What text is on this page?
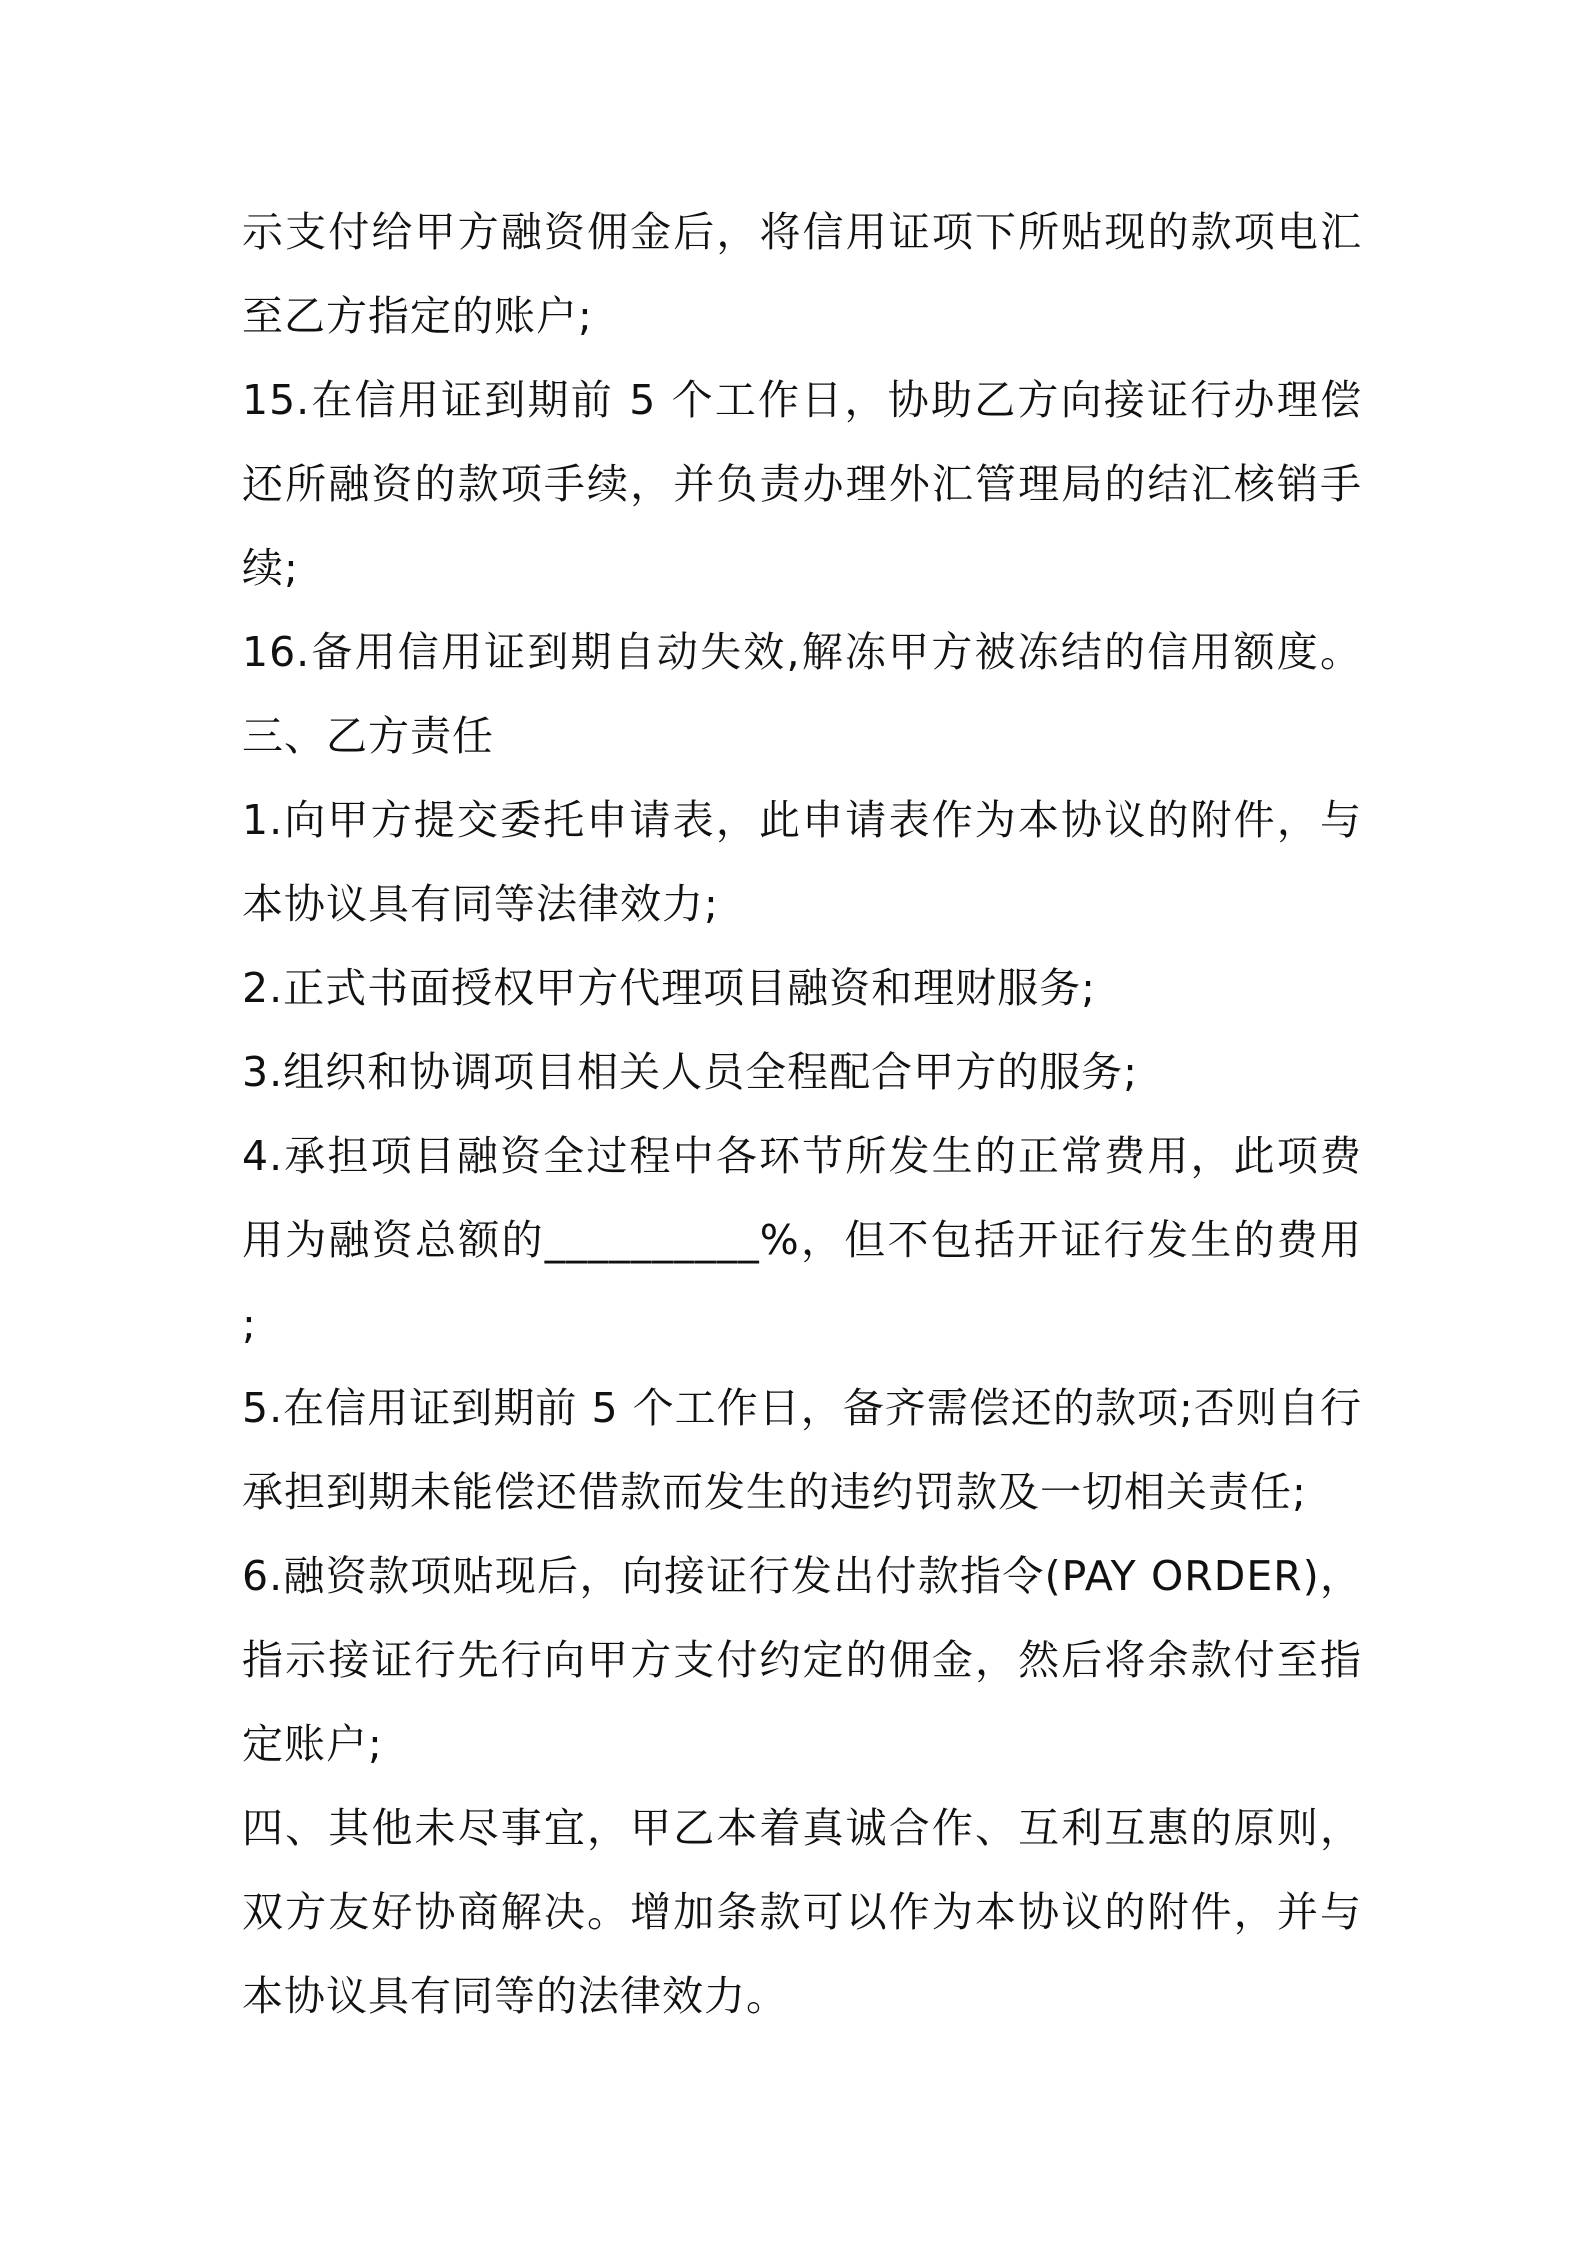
示支付给甲方融资佣金后，将信用证项下所贴现的款项电汇
至乙方指定的账户;
15.在信用证到期前 5 个工作日，协助乙方向接证行办理偿
还所融资的款项手续，并负责办理外汇管理局的结汇核销手
续;
16.备用信用证到期自动失效,解冻甲方被冻结的信用额度。
三、乙方责任
1.向甲方提交委托申请表，此申请表作为本协议的附件，与
本协议具有同等法律效力;
2.正式书面授权甲方代理项目融资和理财服务;
3.组织和协调项目相关人员全程配合甲方的服务;
4.承担项目融资全过程中各环节所发生的正常费用，此项费
用为融资总额的__________%，但不包括开证行发生的费用
;
5.在信用证到期前 5 个工作日，备齐需偿还的款项;否则自行
承担到期未能偿还借款而发生的违约罚款及一切相关责任;
6.融资款项贴现后，向接证行发出付款指令(PAY ORDER)，
指示接证行先行向甲方支付约定的佣金，然后将余款付至指
定账户;
四、其他未尽事宜，甲乙本着真诚合作、互利互惠的原则，
双方友好协商解决。增加条款可以作为本协议的附件，并与
本协议具有同等的法律效力。
